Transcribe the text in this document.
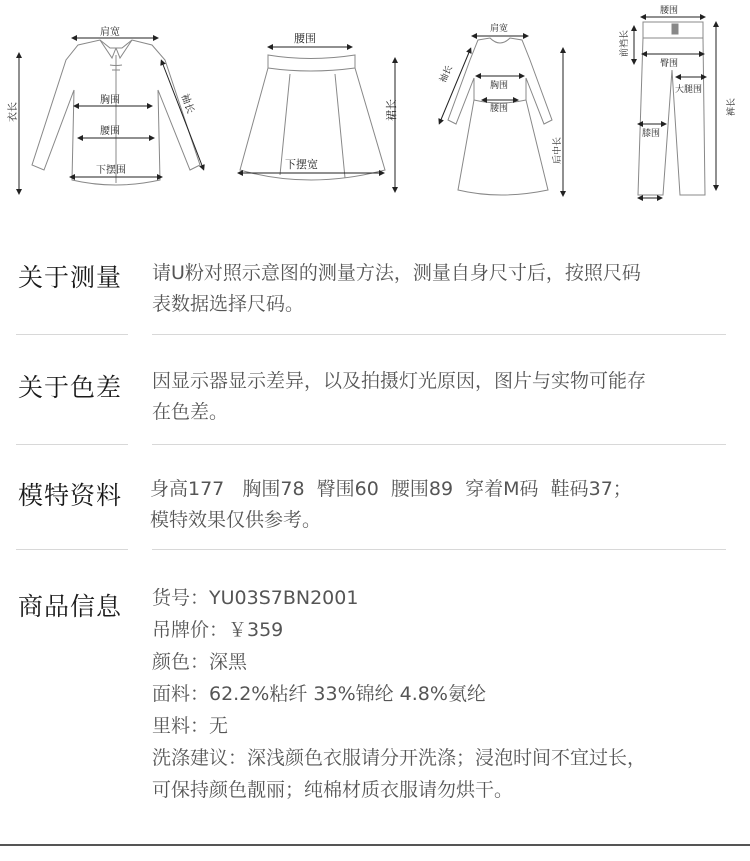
肩宽
胸围
腰围
下摆围
衣长	袖长
腰围
下摆宽
裙长
肩宽
胸围
腰围
袖长
后中长
腰围
前裆长
臀围
大腿围
膝围
裤长
关于测量 请U粉对照示意图的测量方法，测量自身尺寸后，按照尺码
表数据选择尺码。
关于色差 因显示器显示差异，以及拍摄灯光原因，图片与实物可能存
在色差。
模特资料 身高177   胸围78  臀围60  腰围89  穿着M码  鞋码37；
模特效果仅供参考。
商品信息 货号：YU03S7BN2001
吊牌价：￥359
颜色：深黑
面料：62.2%粘纤 33%锦纶 4.8%氨纶
里料：无
洗涤建议：深浅颜色衣服请分开洗涤；浸泡时间不宜过长，
可保持颜色靓丽；纯棉材质衣服请勿烘干。
